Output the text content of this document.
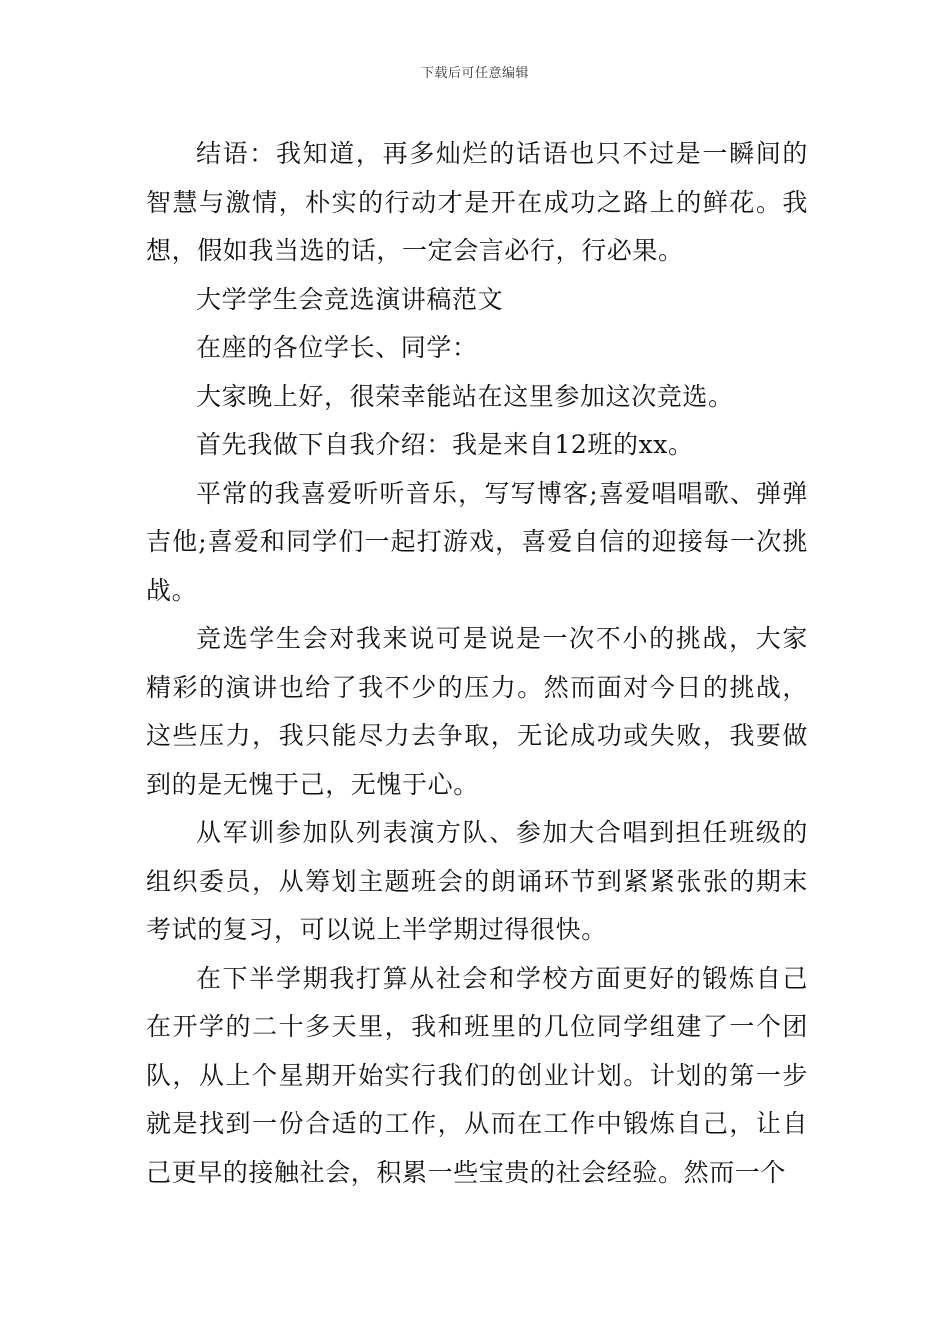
下载后可任意编辑

结语：我知道，再多灿烂的话语也只不过是一瞬间的智慧与激情，朴实的行动才是开在成功之路上的鲜花。我想，假如我当选的话，一定会言必行，行必果。

大学学生会竞选演讲稿范文

在座的各位学长、同学：

大家晚上好，很荣幸能站在这里参加这次竞选。

首先我做下自我介绍：我是来自12班的xx。

平常的我喜爱听听音乐，写写博客;喜爱唱唱歌、弹弹吉他;喜爱和同学们一起打游戏，喜爱自信的迎接每一次挑战。

竞选学生会对我来说可是说是一次不小的挑战，大家精彩的演讲也给了我不少的压力。然而面对今日的挑战，这些压力，我只能尽力去争取，无论成功或失败，我要做到的是无愧于己，无愧于心。

从军训参加队列表演方队、参加大合唱到担任班级的组织委员，从筹划主题班会的朗诵环节到紧紧张张的期末考试的复习，可以说上半学期过得很快。

在下半学期我打算从社会和学校方面更好的锻炼自己在开学的二十多天里，我和班里的几位同学组建了一个团队，从上个星期开始实行我们的创业计划。计划的第一步就是找到一份合适的工作，从而在工作中锻炼自己，让自己更早的接触社会，积累一些宝贵的社会经验。然而一个
